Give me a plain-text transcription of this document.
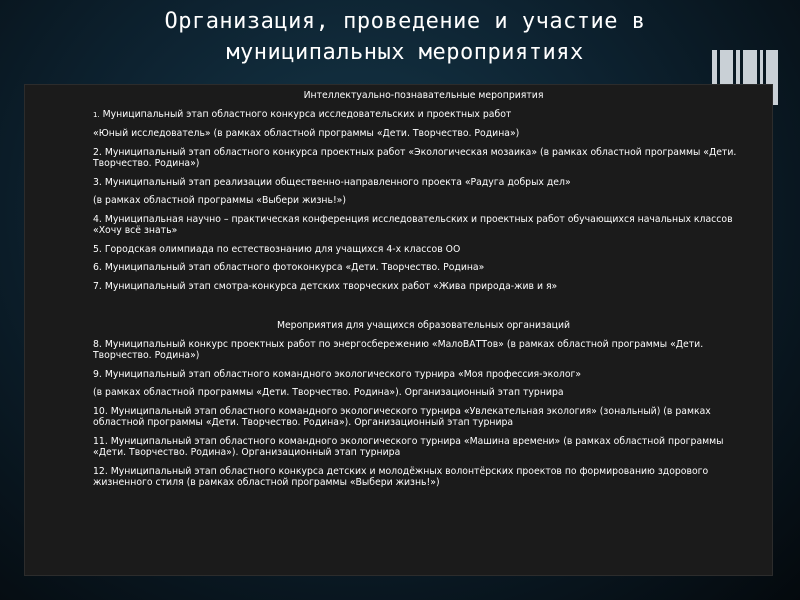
Организация, проведение и участие в
муниципальных мероприятиях

Интеллектуально-познавательные мероприятия

1. Муниципальный этап областного конкурса исследовательских и проектных работ

«Юный исследователь» (в рамках областной программы «Дети. Творчество. Родина»)

2. Муниципальный этап областного конкурса проектных работ «Экологическая мозаика» (в рамках областной программы «Дети. Творчество. Родина»)

3. Муниципальный этап реализации общественно-направленного проекта «Радуга добрых дел»

(в рамках областной программы «Выбери жизнь!»)

4. Муниципальная научно – практическая конференция исследовательских и проектных работ обучающихся начальных классов «Хочу всё знать»

5. Городская олимпиада по естествознанию для учащихся 4-х классов ОО

6. Муниципальный этап областного фотоконкурса «Дети. Творчество. Родина»

7. Муниципальный этап смотра-конкурса детских творческих работ «Жива природа-жив и я»

Мероприятия для учащихся образовательных организаций

8. Муниципальный конкурс проектных работ по энергосбережению «МалоВАТТов» (в рамках областной программы «Дети. Творчество. Родина»)

9. Муниципальный этап областного командного экологического турнира «Моя профессия-эколог»

(в рамках областной программы «Дети. Творчество. Родина»). Организационный этап турнира

10. Муниципальный этап областного командного экологического турнира «Увлекательная экология» (зональный) (в рамках областной программы «Дети. Творчество. Родина»). Организационный этап турнира

11. Муниципальный этап областного командного экологического турнира «Машина времени» (в рамках областной программы «Дети. Творчество. Родина»). Организационный этап турнира

12. Муниципальный этап областного конкурса детских и молодёжных волонтёрских проектов по формированию здорового жизненного стиля (в рамках областной программы «Выбери жизнь!»)
